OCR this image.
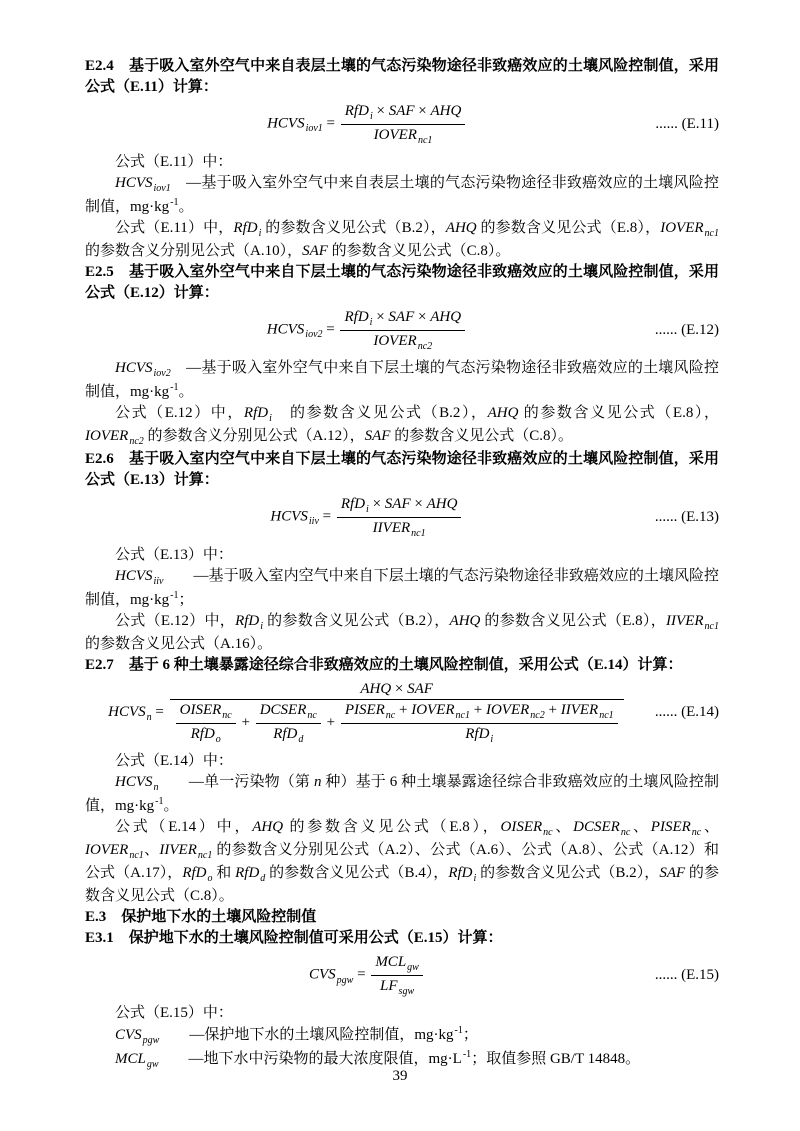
E2.4　基于吸入室外空气中来自表层土壤的气态污染物途径非致癌效应的土壤风险控制值，采用公式（E.11）计算：
$HCVS_{iov1} = \frac{RfD_i \times SAF \times AHQ}{IOVER_{nc1}}$	...... (E.11)
公式（E.11）中：
$HCVS_{iov1}$　—基于吸入室外空气中来自表层土壤的气态污染物途径非致癌效应的土壤风险控制值，$mg\cdot kg^{-1}$。
公式（E.11）中，RfD$_i$ 的参数含义见公式（B.2），AHQ 的参数含义见公式（E.8），$IOVER_{nc1}$ 的参数含义分别见公式（A.10），SAF 的参数含义见公式（C.8）。
E2.5　基于吸入室外空气中来自下层土壤的气态污染物途径非致癌效应的土壤风险控制值，采用公式（E.12）计算：
$HCVS_{iov2} = \frac{RfD_i \times SAF \times AHQ}{IOVER_{nc2}}$	...... (E.12)
$HCVS_{iov2}$　—基于吸入室外空气中来自下层土壤的气态污染物途径非致癌效应的土壤风险控制值，$mg\cdot kg^{-1}$。
公式（E.12）中，RfD$_i$　的参数含义见公式（B.2），AHQ 的参数含义见公式（E.8），$IOVER_{nc2}$ 的参数含义分别见公式（A.12），SAF 的参数含义见公式（C.8）。
E2.6　基于吸入室内空气中来自下层土壤的气态污染物途径非致癌效应的土壤风险控制值，采用公式（E.13）计算：
$HCVS_{iiv} = \frac{RfD_i \times SAF \times AHQ}{IIVER_{nc1}}$	...... (E.13)
公式（E.13）中：
$HCVS_{iiv}$　　—基于吸入室内空气中来自下层土壤的气态污染物途径非致癌效应的土壤风险控制值，$mg\cdot kg^{-1}$；
公式（E.12）中，RfD$_i$ 的参数含义见公式（B.2），AHQ 的参数含义见公式（E.8），$IIVER_{nc1}$ 的参数含义见公式（A.16）。
E2.7　基于 6 种土壤暴露途径综合非致癌效应的土壤风险控制值，采用公式（E.14）计算：
$HCVS_n$ =
AHQ × SAF
$\frac{OISER_{nc}}{RfD_o} + \frac{DCSER_{nc}}{RfD_d} + \frac{PISER_{nc} + IOVER_{nc1} + IOVER_{nc2} + IIVER_{nc1}}{RfD_i}$	...... (E.14)
公式（E.14）中：
$HCVS_n$　　—单一污染物（第 n 种）基于 6 种土壤暴露途径综合非致癌效应的土壤风险控制值，$mg\cdot kg^{-1}$。
公式（E.14）中，AHQ 的参数含义见公式（E.8），$OISER_{nc}$、$DCSER_{nc}$、$PISER_{nc}$、$IOVER_{nc1}$、$IIVER_{nc1}$ 的参数含义分别见公式（A.2）、公式（A.6）、公式（A.8）、公式（A.12）和公式（A.17），RfD$_o$ 和 RfD$_d$ 的参数含义见公式（B.4），RfD$_i$ 的参数含义见公式（B.2），SAF 的参数含义见公式（C.8）。
E.3　保护地下水的土壤风险控制值
E3.1　保护地下水的土壤风险控制值可采用公式（E.15）计算：
$CVS_{pgw} = \frac{MCL_{gw}}{LF_{sgw}}$	...... (E.15)
公式（E.15）中：
$CVS_{pgw}$　　—保护地下水的土壤风险控制值，$mg\cdot kg^{-1}$；
$MCL_{gw}$　　—地下水中污染物的最大浓度限值，$mg\cdot L^{-1}$；取值参照 GB/T 14848。
39
